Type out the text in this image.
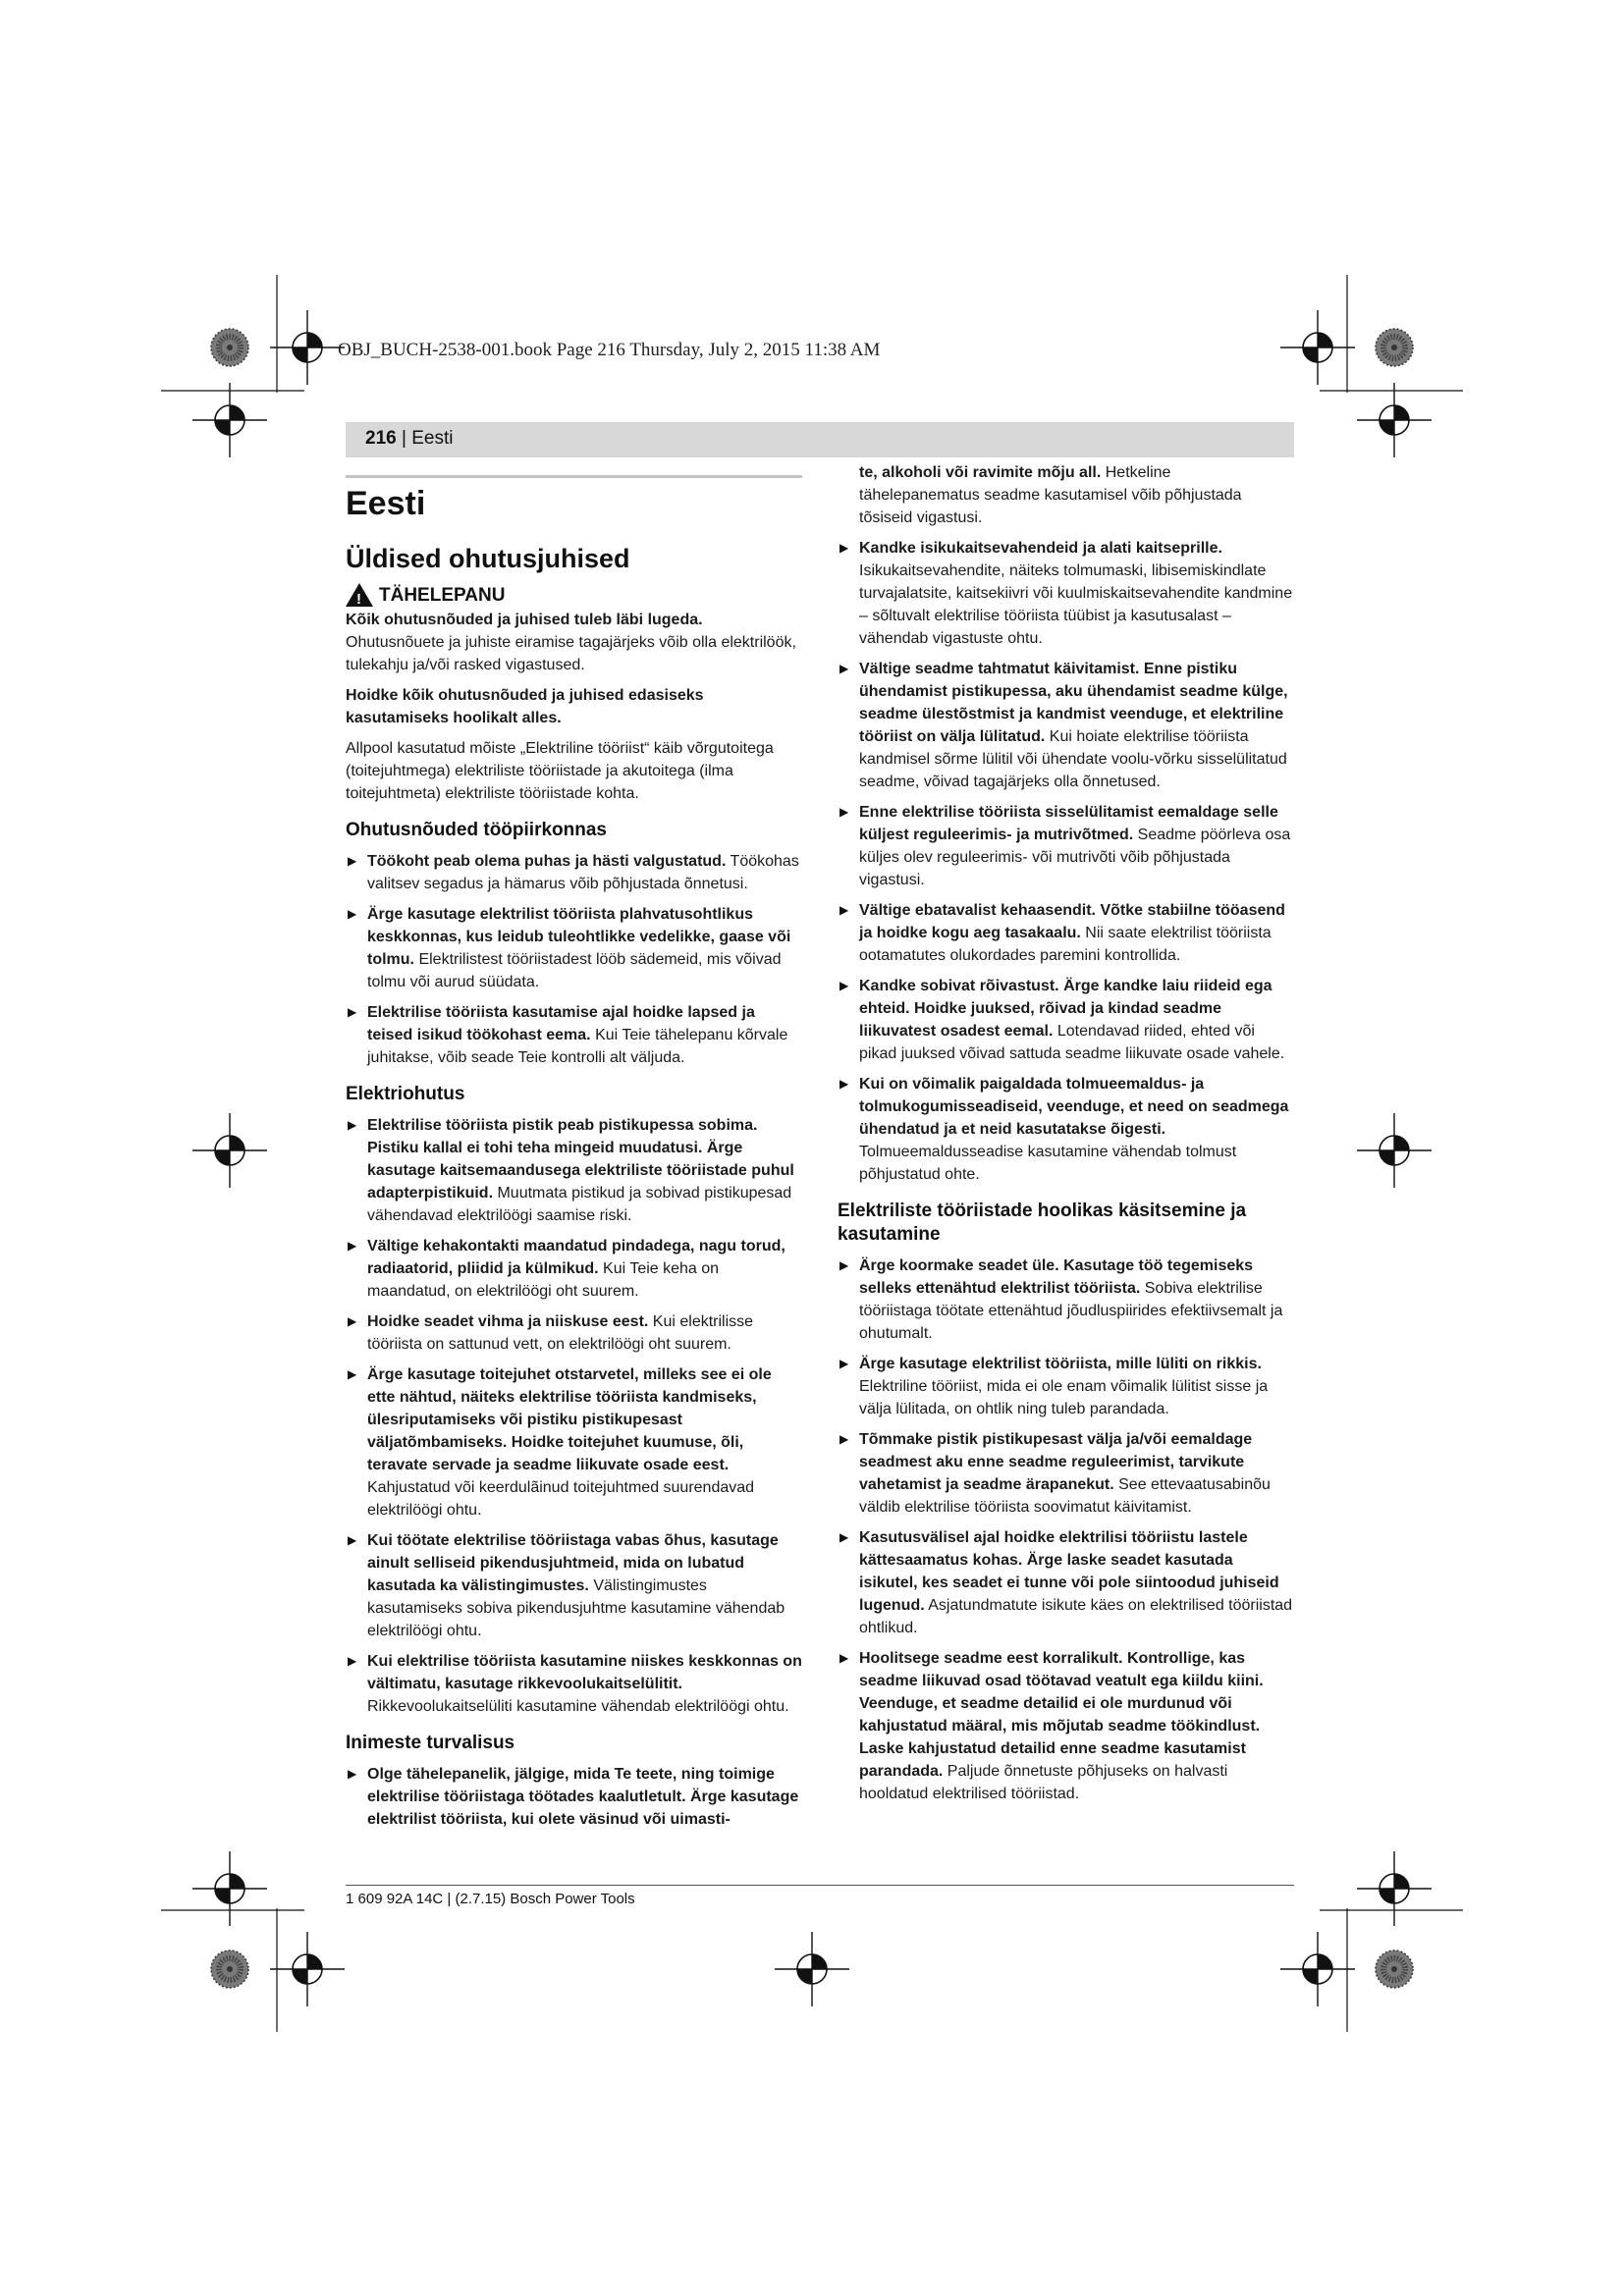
OBJ_BUCH-2538-001.book Page 216 Thursday, July 2, 2015 11:38 AM
216 | Eesti
Eesti
Üldised ohutusjuhised
! TÄHELEPANU

Kõik ohutusnõuded ja juhised tuleb läbi lugeda. Ohutusnõuete ja juhiste eiramise tagajärjeks võib olla elektrilöök, tulekahju ja/või rasked vigastused.

Hoidke kõik ohutusnõuded ja juhised edasiseks kasutamiseks hoolikalt alles.

Allpool kasutatud mõiste „Elektriline tööriist“ käib võrgutoitega (toitejuhtmega) elektriliste tööriistade ja akutoitega (ilma toitejuhtmeta) elektriliste tööriistade kohta.

Ohutusnõuded tööpiirkonnas

▶ Töökoht peab olema puhas ja hästi valgustatud. Töökohas valitsev segadus ja hämarus võib põhjustada õnnetusi.

▶ Ärge kasutage elektrilist tööriista plahvatusohtlikus keskkonnas, kus leidub tuleohtlikke vedelikke, gaase või tolmu. Elektrilistest tööriistadest lööb sädemeid, mis võivad tolmu või aurud süüdata.

▶ Elektrilise tööriista kasutamise ajal hoidke lapsed ja teised isikud töökohast eema. Kui Teie tähelepanu kõrvale juhitakse, võib seade Teie kontrolli alt väljuda.

Elektriohutus

▶ Elektrilise tööriista pistik peab pistikupessa sobima. Pistiku kallal ei tohi teha mingeid muudatusi. Ärge kasutage kaitsemaandusega elektriliste tööriistade puhul adapterpistikuid. Muutmata pistikud ja sobivad pistikupesad vähendavad elektrilöögi saamise riski.

▶ Vältige kehakontakti maandatud pindadega, nagu torud, radiaatorid, pliidid ja külmikud. Kui Teie keha on maandatud, on elektrilöögi oht suurem.

▶ Hoidke seadet vihma ja niiskuse eest. Kui elektrilisse tööriista on sattunud vett, on elektrilöögi oht suurem.

▶ Ärge kasutage toitejuhet otstarvetel, milleks see ei ole ette nähtud, näiteks elektrilise tööriista kandmiseks, ülesriputamiseks või pistiku pistikupesast väljatõmbamiseks. Hoidke toitejuhet kuumuse, õli, teravate servade ja seadme liikuvate osade eest. Kahjustatud või keerdulãinud toitejuhtmed suurendavad elektrilöögi ohtu.

▶ Kui töötate elektrilise tööriistaga vabas õhus, kasutage ainult selliseid pikendusjuhtmeid, mida on lubatud kasutada ka välistingimustes. Välistingimustes kasutamiseks sobiva pikendusjuhtme kasutamine vähendab elektrilöögi ohtu.

▶ Kui elektrilise tööriista kasutamine niiskes keskkonnas on vältimatu, kasutage rikkevoolukaitselülitit. Rikkevoolukaitselüliti kasutamine vähendab elektrilöögi ohtu.

Inimeste turvalisus

▶ Olge tähelepanelik, jälgige, mida Te teete, ning toimige elektrilise tööriistaga töötades kaalutletult. Ärge kasutage elektrilist tööriista, kui olete väsinud või uimasti-

te, alkoholi või ravimite mõju all. Hetkeline tähelepanematus seadme kasutamisel võib põhjustada tõsiseid vigastusi.

▶ Kandke isikukaitsevahendeid ja alati kaitseprille. Isikukaitsevahendite, näiteks tolmumaski, libisemiskindlate turvajalatsite, kaitsekiivri või kuulmiskaitsevahendite kandmine – sõltuvalt elektrilise tööriista tüübist ja kasutusalast – vähendab vigastuste ohtu.

▶ Vältige seadme tahtmatut käivitamist. Enne pistiku ühendamist pistikupessa, aku ühendamist seadme külge, seadme ülestõstmist ja kandmist veenduge, et elektriline tööriist on välja lülitatud. Kui hoiate elektrilise tööriista kandmisel sõrme lülitil või ühendate voolu-võrku sisselülitatud seadme, võivad tagajärjeks olla õnnetused.

▶ Enne elektrilise tööriista sisselülitamist eemaldage selle küljest reguleerimis- ja mutrivõtmed. Seadme pöörleva osa küljes olev reguleerimis- või mutrivõti võib põhjustada vigastusi.

▶ Vältige ebatavalist kehaasendit. Võtke stabiilne tööasend ja hoidke kogu aeg tasakaalu. Nii saate elektrilist tööriista ootamatutes olukordades paremini kontrollida.

▶ Kandke sobivat rõivastust. Ärge kandke laiu riideid ega ehteid. Hoidke juuksed, rõivad ja kindad seadme liikuvatest osadest eemal. Lotendavad riided, ehted või pikad juuksed võivad sattuda seadme liikuvate osade vahele.

▶ Kui on võimalik paigaldada tolmueemaldus- ja tolmukogumisseadiseid, veenduge, et need on seadmega ühendatud ja et neid kasutatakse õigesti. Tolmueemaldusseadise kasutamine vähendab tolmust põhjustatud ohte.

Elektriliste tööriistade hoolikas käsitsemine ja kasutamine

▶ Ärge koormake seadet üle. Kasutage töö tegemiseks selleks ettenähtud elektrilist tööriista. Sobiva elektrilise tööriistaga töötate ettenähtud jõudluspiirides efektiivsemalt ja ohutumalt.

▶ Ärge kasutage elektrilist tööriista, mille lüliti on rikkis. Elektriline tööriist, mida ei ole enam võimalik lülitist sisse ja välja lülitada, on ohtlik ning tuleb parandada.

▶ Tõmmake pistik pistikupesast välja ja/või eemaldage seadmest aku enne seadme reguleerimist, tarvikute vahetamist ja seadme ärapanekut. See ettevaatusabinõu väldib elektrilise tööriista soovimatut käivitamist.

▶ Kasutusvälisel ajal hoidke elektrilisi tööriistu lastele kättesaamatus kohas. Ärge laske seadet kasutada isikutel, kes seadet ei tunne või pole siintoodud juhiseid lugenud. Asjatundmatute isikute käes on elektrilised tööriistad ohtlikud.

▶ Hoolitsege seadme eest korralikult. Kontrollige, kas seadme liikuvad osad töötavad veatult ega kiildu kiini. Veenduge, et seadme detailid ei ole murdunud või kahjustatud määral, mis mõjutab seadme töökindlust. Laske kahjustatud detailid enne seadme kasutamist parandada. Paljude õnnetuste põhjuseks on halvasti hooldatud elektrilised tööriistad.

1 609 92A 14C | (2.7.15) Bosch Power Tools
